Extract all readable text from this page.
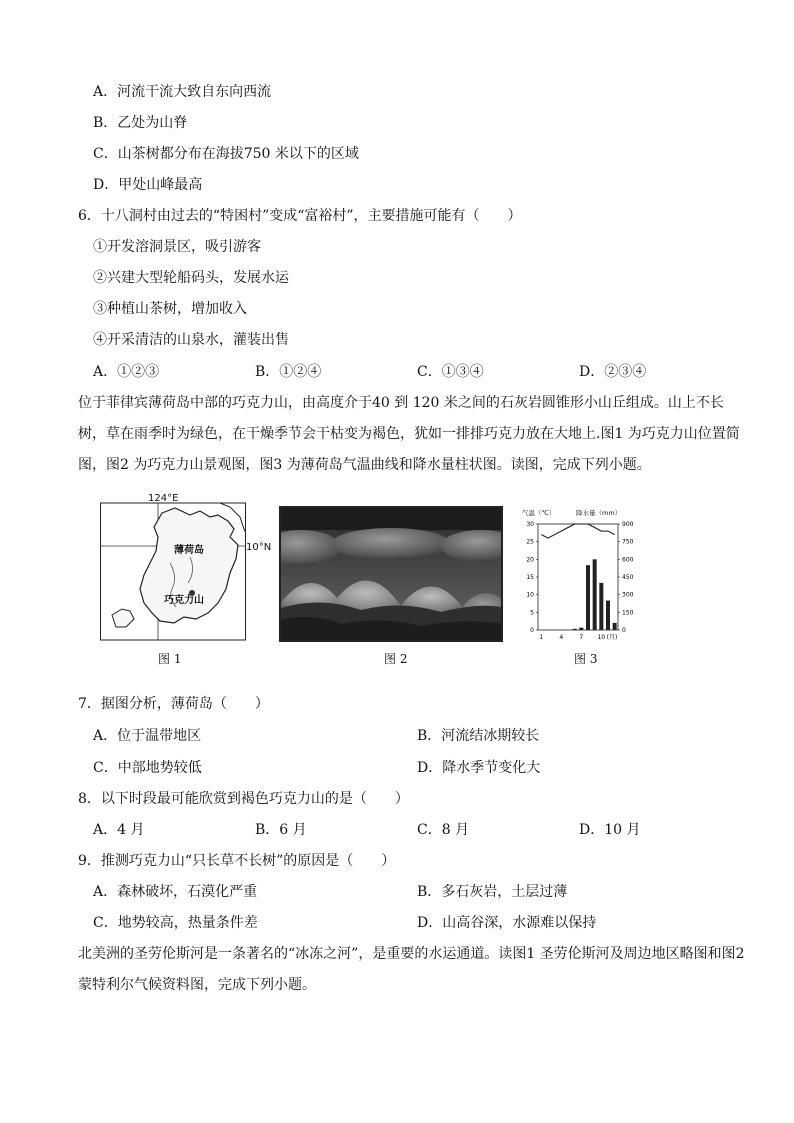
A．河流干流大致自东向西流
B．乙处为山脊
C．山茶树都分布在海拔750 米以下的区域
D．甲处山峰最高
6．十八洞村由过去的“特困村”变成“富裕村”，主要措施可能有（　　）
①开发溶洞景区，吸引游客
②兴建大型轮船码头，发展水运
③种植山茶树，增加收入
④开采清洁的山泉水，灌装出售
A．①②③	B．①②④	C．①③④	D．②③④
位于菲律宾薄荷岛中部的巧克力山，由高度介于40 到 120 米之间的石灰岩圆锥形小山丘组成。山上不长树，草在雨季时为绿色，在干燥季节会干枯变为褐色，犹如一排排巧克力放在大地上.图1 为巧克力山位置简图，图2 为巧克力山景观图，图3 为薄荷岛气温曲线和降水量柱状图。读图，完成下列小题。
124°E
薄荷岛
巧克力山
10°N
图 1	图 2
气温（℃）	降水量（mm）
30	900
25	750
20	600
15	450
10	300
5	150
0	0
1	4	7 10 (月)
图 3
7．据图分析，薄荷岛（　　）
A．位于温带地区	B．河流结冰期较长
C．中部地势较低	D．降水季节变化大
8．以下时段最可能欣赏到褐色巧克力山的是（　　）
A．4 月	B．6 月	C．8 月	D．10 月
9．推测巧克力山“只长草不长树”的原因是（　　）
A．森林破坏，石漠化严重	B．多石灰岩，土层过薄
C．地势较高，热量条件差	D．山高谷深，水源难以保持
北美洲的圣劳伦斯河是一条著名的“冰冻之河”，是重要的水运通道。读图1 圣劳伦斯河及周边地区略图和图2 蒙特利尔气候资料图，完成下列小题。
